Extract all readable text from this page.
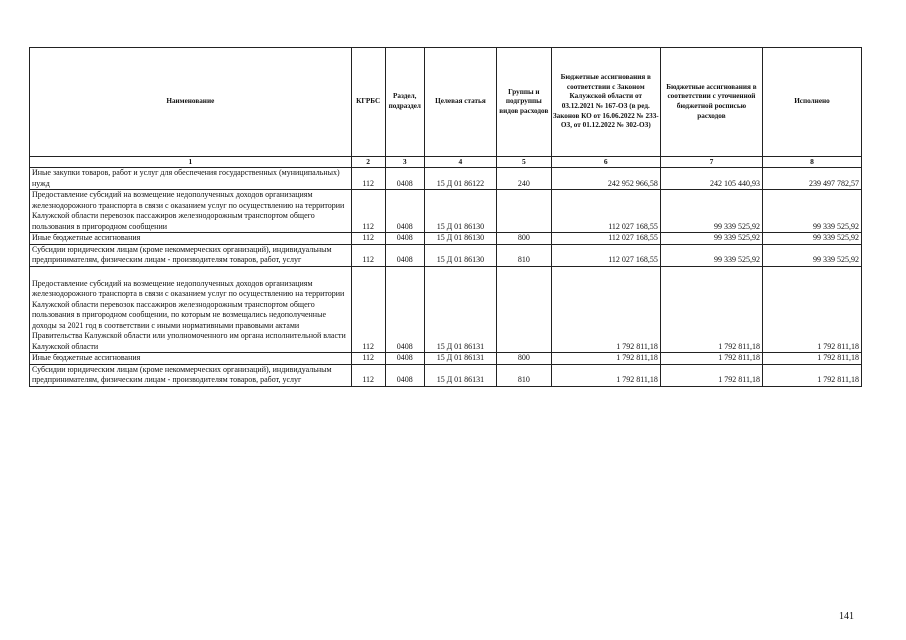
Наименование	КГРБС	Раздел, подраздел	Целевая статья	Группы и подгруппы видов расходов	Бюджетные ассигнования в соответствии с Законом Калужской области от 03.12.2021 № 167-ОЗ (в ред. Законов КО от 16.06.2022 № 233-ОЗ, от 01.12.2022 № 302-ОЗ)	Бюджетные ассигнования в соответствии с уточненной бюджетной росписью расходов	Исполнено
1	2	3	4	5	6	7	8
Иные закупки товаров, работ и услуг для обеспечения государственных (муниципальных) нужд	112	0408	15 Д 01 86122	240	242 952 966,58	242 105 440,93	239 497 782,57
Предоставление субсидий на возмещение недополученных доходов организациям железнодорожного транспорта в связи с оказанием услуг по осуществлению на территории Калужской области перевозок пассажиров железнодорожным транспортом общего пользования в пригородном сообщении	112	0408	15 Д 01 86130		112 027 168,55	99 339 525,92	99 339 525,92
Иные бюджетные ассигнования	112	0408	15 Д 01 86130	800	112 027 168,55	99 339 525,92	99 339 525,92
Субсидии юридическим лицам (кроме некоммерческих организаций), индивидуальным предпринимателям, физическим лицам - производителям товаров, работ, услуг	112	0408	15 Д 01 86130	810	112 027 168,55	99 339 525,92	99 339 525,92
Предоставление субсидий на возмещение недополученных доходов организациям железнодорожного транспорта в связи с оказанием услуг по осуществлению на территории Калужской области перевозок пассажиров железнодорожным транспортом общего пользования в пригородном сообщении, по которым не возмещались недополученные доходы за 2021 год в соответствии с иными нормативными правовыми актами Правительства Калужской области или уполномоченного им органа исполнительной власти Калужской области	112	0408	15 Д 01 86131		1 792 811,18	1 792 811,18	1 792 811,18
Иные бюджетные ассигнования	112	0408	15 Д 01 86131	800	1 792 811,18	1 792 811,18	1 792 811,18
Субсидии юридическим лицам (кроме некоммерческих организаций), индивидуальным предпринимателям, физическим лицам - производителям товаров, работ, услуг	112	0408	15 Д 01 86131	810	1 792 811,18	1 792 811,18	1 792 811,18
141
